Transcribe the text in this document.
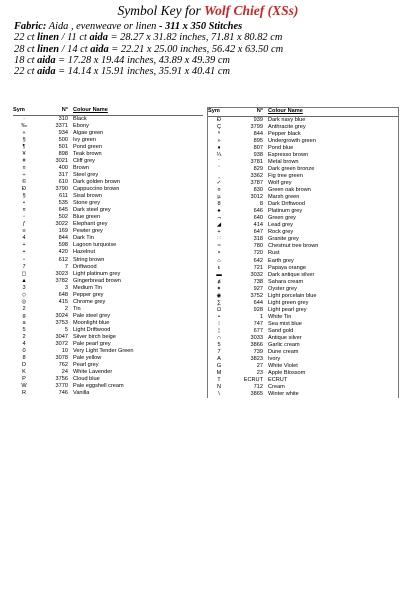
Symbol Key for Wolf Chief (XSs)
Fabric: Aida , evenweave or linen - 311 x 350 Stitches
22 ct linen / 11 ct aida = 28.27 x 31.82 inches, 71.81 x 80.82 cm
28 ct linen / 14 ct aida = 22.21 x 25.00 inches, 56.42 x 63.50 cm
18 ct aida = 17.28 x 19.44 inches, 43.89 x 49.39 cm
22 ct aida = 14.14 x 15.91 inches, 35.91 x 40.41 cm
Sym	N° Colour Name
·	310 Black
‰	3371 Ebony
«	934 Algae green
§	500 Ivy green
¶	501 Pond green
¥	898 Teak brown
ǂ	3021 Cliff grey
¤	400 Brown
÷	317 Steel grey
©	610 Dark golden brown
Ð	3790 Cappuccino brown
§	611 Sisal brown
•	535 Stone grey
¤	645 Dark steel grey
◦	502 Blue green
ƒ	3022 Elephant grey
≡	169 Pewter grey
4	844 Dark Tin
+	598 Lagoon turquoise
+	420 Hazelnut
▫	612 String brown
7	7 Driftwood
◻	3023 Light platinum grey
▲	3782 Gingerbread brown
3	3 Medium Tin
◇	648 Pepper grey
◎	415 Chrome grey
2	2 Tin
g	3024 Pale steel grey
a	3753 Moonlight blue
5	5 Light Driftwood
2	3047 Silver birch beige
4	3072 Pale pearl grey
0	10 Very Light Tender Green
8	3078 Pale yellow
D	762 Pearl grey
K	24 White Lavender
P	3756 Cloud blue
W	3770 Pale eggshell cream
R	746 Vanilla
Sym	N° Colour Name
Ð	939 Dark navy blue
Ç	3799 Anthracite grey
º	844 Pepper black
»	895 Undergrowth green
♦	807 Pond blue
¼	938 Espresso brown
¨	3781 Metal brown
ˇ	829 Dark green bronze
¸	3362 Fig tree green
✓	3787 Wolf grey
¤	830 Green oak brown
µ	3012 Marsh green
8	8 Dark Driftwood
♠	646 Platinum grey
¬	640 Green grey
◢	414 Lead grey
+	647 Rock grey
∷	318 Granite grey
≈	780 Chestnut tree brown
×	720 Rust
⌂	642 Earth grey
ε	721 Papaya orange
▬	3032 Dark antique silver
ⱥ	738 Sahara cream
✦	927 Oyster grey
◉	3752 Light porcelain blue
∑	644 Light green grey
Ω	928 Light pearl grey
•	1 White Tin
⁞	747 Sea mist blue
¦	677 Sand gold
∩	3033 Antique silver
5	3866 Garlic cream
7	739 Dune cream
A	3823 Ivory
G	27 White Violet
M	23 Apple Blossom
T	ECRUT ECRUT
N	712 Cream
\	3865 Winter white
